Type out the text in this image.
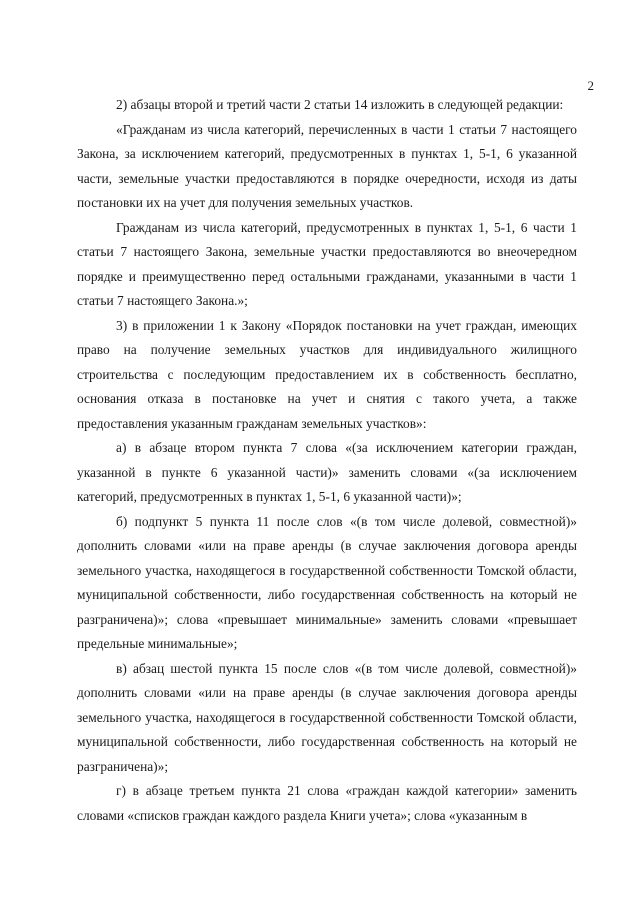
2

2) абзацы второй и третий части 2 статьи 14 изложить в следующей редакции:

«Гражданам из числа категорий, перечисленных в части 1 статьи 7 настоящего Закона, за исключением категорий, предусмотренных в пунктах 1, 5-1, 6 указанной части, земельные участки предоставляются в порядке очередности, исходя из даты постановки их на учет для получения земельных участков.

Гражданам из числа категорий, предусмотренных в пунктах 1, 5-1, 6 части 1 статьи 7 настоящего Закона, земельные участки предоставляются во внеочередном порядке и преимущественно перед остальными гражданами, указанными в части 1 статьи 7 настоящего Закона.»;

3) в приложении 1 к Закону «Порядок постановки на учет граждан, имеющих право на получение земельных участков для индивидуального жилищного строительства с последующим предоставлением их в собственность бесплатно, основания отказа в постановке на учет и снятия с такого учета, а также предоставления указанным гражданам земельных участков»:

а) в абзаце втором пункта 7 слова «(за исключением категории граждан, указанной в пункте 6 указанной части)» заменить словами «(за исключением категорий, предусмотренных в пунктах 1, 5-1, 6 указанной части)»;

б) подпункт 5 пункта 11 после слов «(в том числе долевой, совместной)» дополнить словами «или на праве аренды (в случае заключения договора аренды земельного участка, находящегося в государственной собственности Томской области, муниципальной собственности, либо государственная собственность на который не разграничена)»; слова «превышает минимальные» заменить словами «превышает предельные минимальные»;

в) абзац шестой пункта 15 после слов «(в том числе долевой, совместной)» дополнить словами «или на праве аренды (в случае заключения договора аренды земельного участка, находящегося в государственной собственности Томской области, муниципальной собственности, либо государственная собственность на который не разграничена)»;

г) в абзаце третьем пункта 21 слова «граждан каждой категории» заменить словами «списков граждан каждого раздела Книги учета»; слова «указанным в
